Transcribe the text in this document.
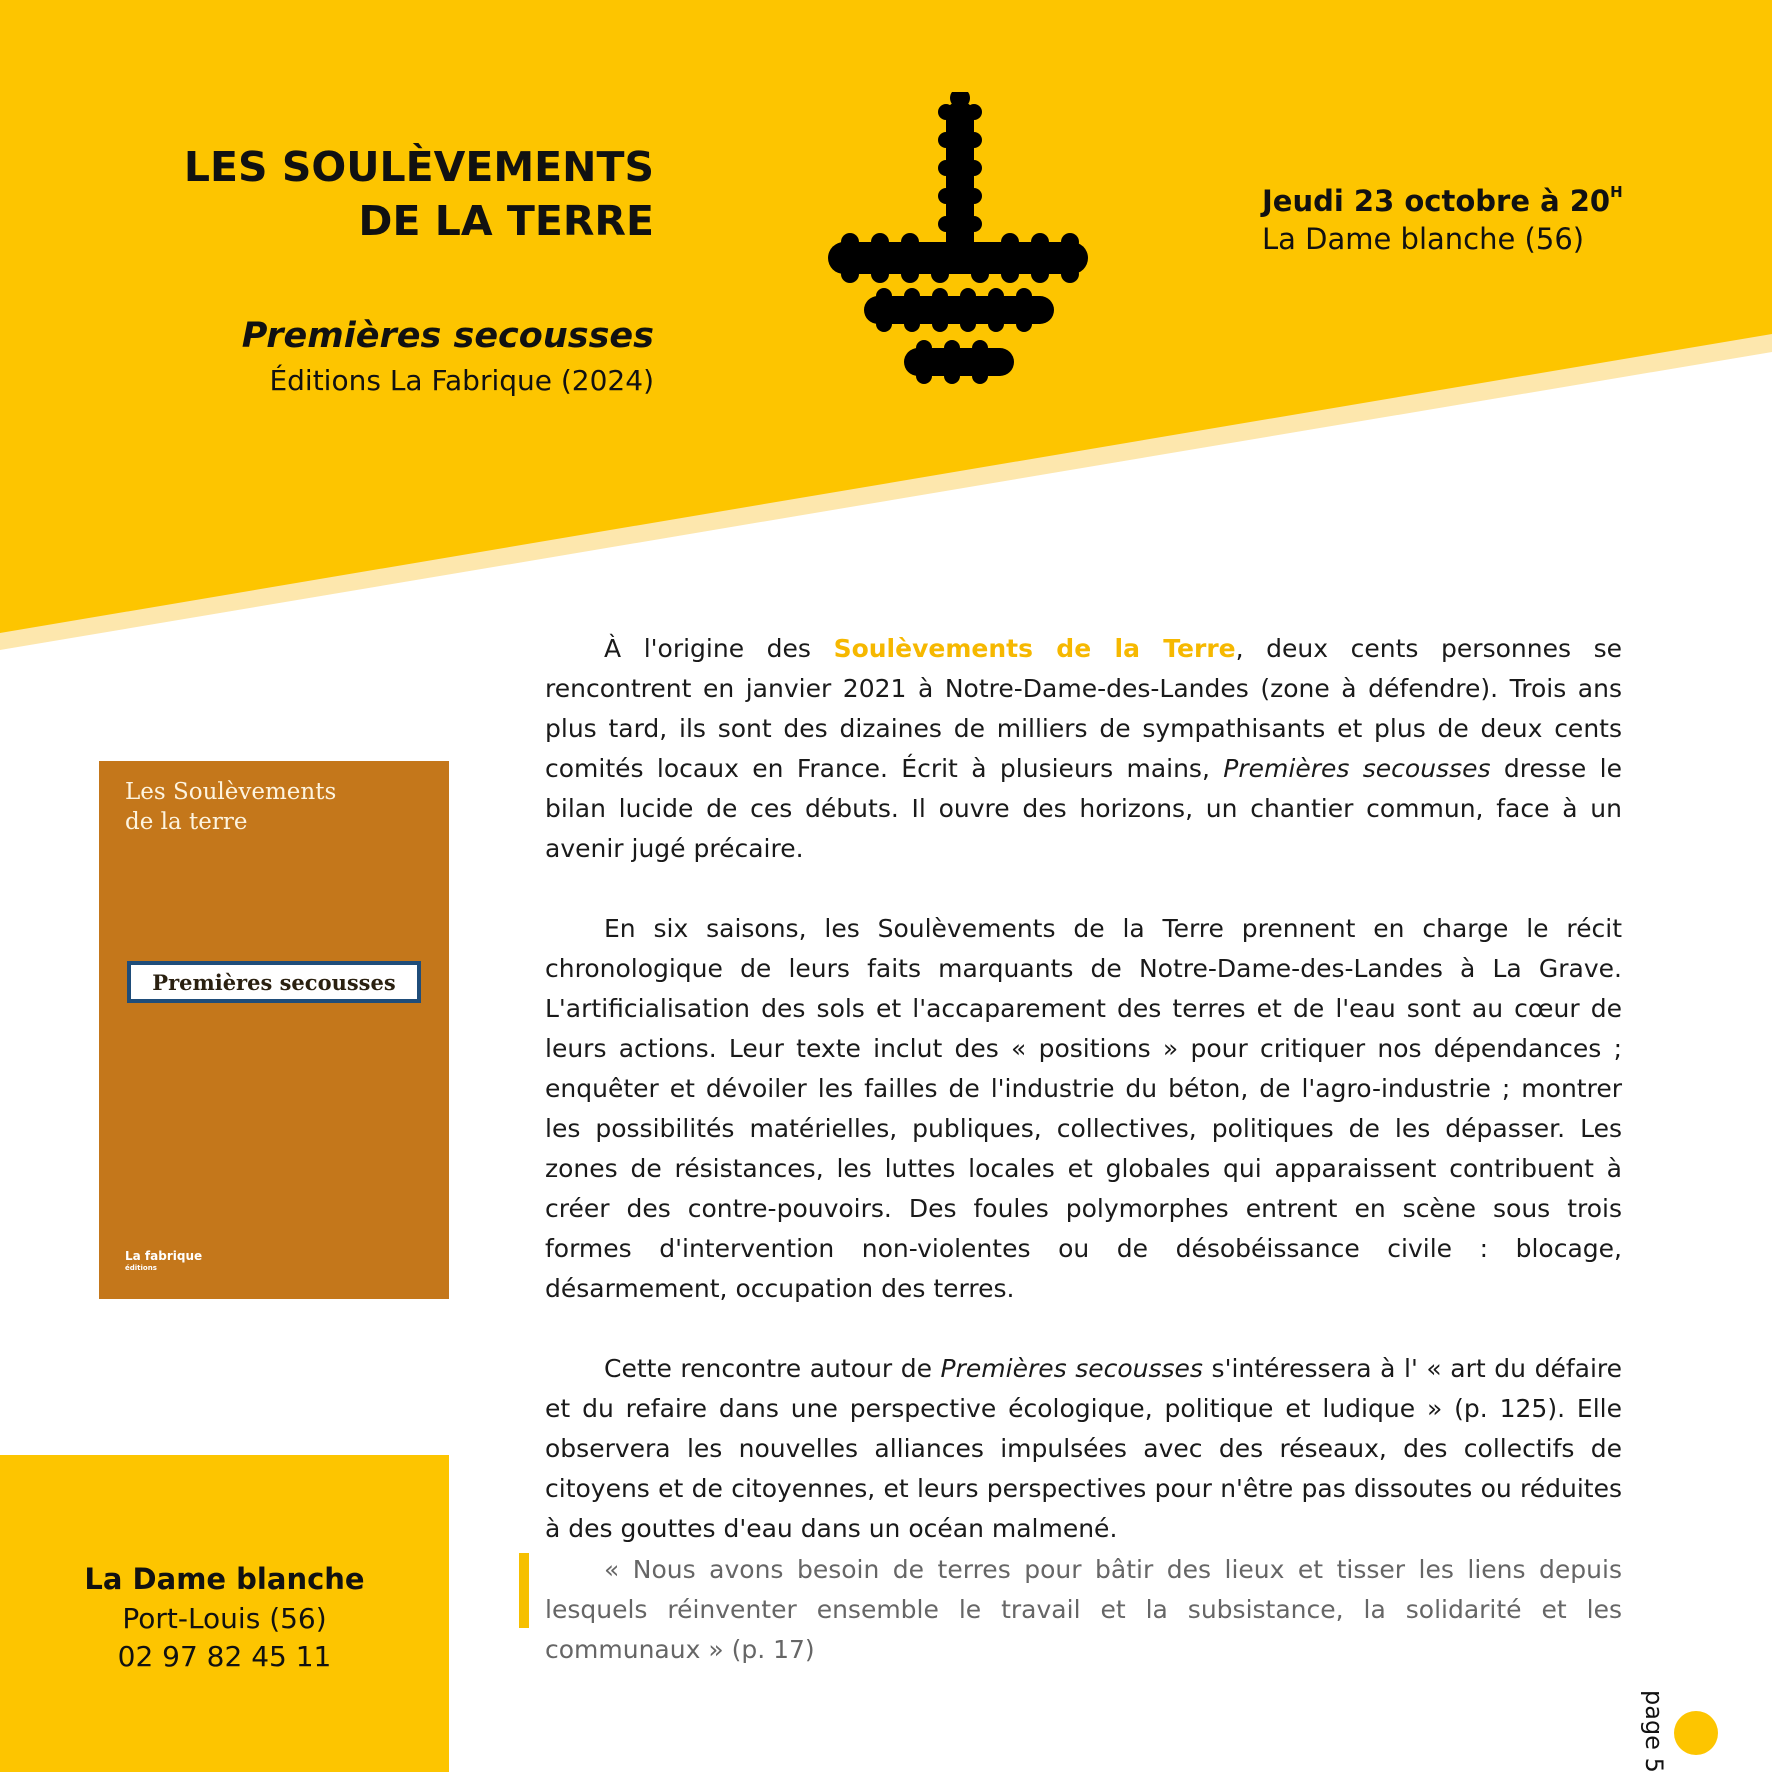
LES SOULÈVEMENTS
DE LA TERRE
Premières secousses
Éditions La Fabrique (2024)
Jeudi 23 octobre à $20^H$
La Dame blanche (56)
Les Soulèvements
de la terre
Premières secousses
La fabrique
éditions

À l'origine des Soulèvements de la Terre, deux cents personnes se rencontrent en janvier 2021 à Notre-Dame-des-Landes (zone à défendre). Trois ans plus tard, ils sont des dizaines de milliers de sympathisants et plus de deux cents comités locaux en France. Écrit à plusieurs mains, Premières secousses dresse le bilan lucide de ces débuts. Il ouvre des horizons, un chantier commun, face à un avenir jugé précaire.

En six saisons, les Soulèvements de la Terre prennent en charge le récit chronologique de leurs faits marquants de Notre-Dame-des-Landes à La Grave. L'artificialisation des sols et l'accaparement des terres et de l'eau sont au cœur de leurs actions. Leur texte inclut des « positions » pour critiquer nos dépendances ; enquêter et dévoiler les failles de l'industrie du béton, de l'agro-industrie ; montrer les possibilités matérielles, publiques, collectives, politiques de les dépasser. Les zones de résistances, les luttes locales et globales qui apparaissent contribuent à créer des contre-pouvoirs. Des foules polymorphes entrent en scène sous trois formes d'intervention non-violentes ou de désobéissance civile : blocage, désarmement, occupation des terres.

Cette rencontre autour de Premières secousses s'intéressera à l' « art du défaire et du refaire dans une perspective écologique, politique et ludique » (p. 125). Elle observera les nouvelles alliances impulsées avec des réseaux, des collectifs de citoyens et de citoyennes, et leurs perspectives pour n'être pas dissoutes ou réduites à des gouttes d'eau dans un océan malmené.

« Nous avons besoin de terres pour bâtir des lieux et tisser les liens depuis lesquels réinventer ensemble le travail et la subsistance, la solidarité et les communaux » (p. 17)

La Dame blanche
Port-Louis (56)
02 97 82 45 11
page 5
